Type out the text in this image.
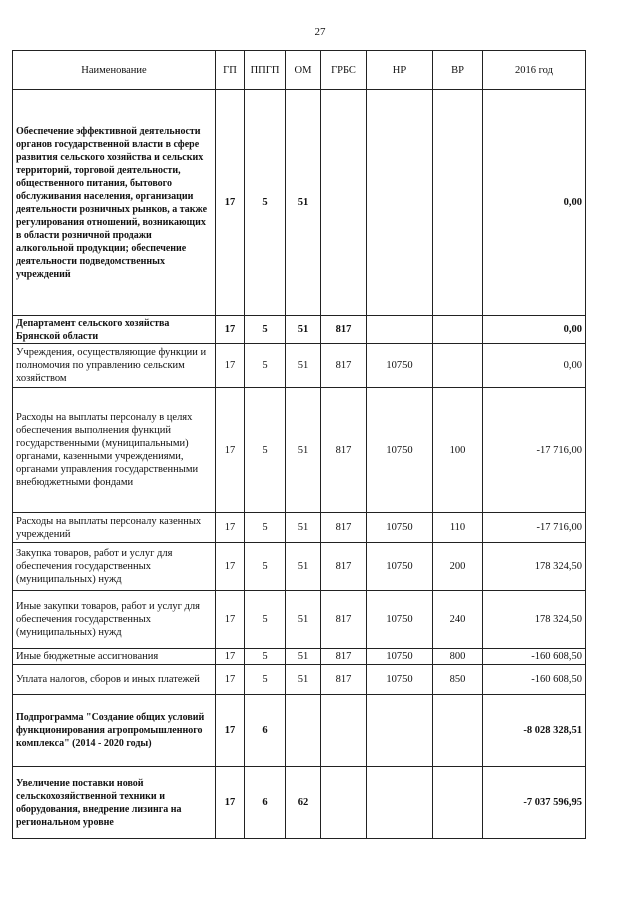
27
Наименование	ГП	ППГП	ОМ	ГРБС	НР	ВР	2016 год
Обеспечение эффективной деятельности органов государственной власти в сфере развития сельского хозяйства и сельских территорий, торговой деятельности, общественного питания, бытового обслуживания населения, организации деятельности розничных рынков, а также регулирования отношений, возникающих в области розничной продажи алкогольной продукции; обеспечение деятельности подведомственных учреждений	17	5	51				0,00
Департамент сельского хозяйства Брянской области	17	5	51	817			0,00
Учреждения, осуществляющие функции и полномочия по управлению сельским хозяйством	17	5	51	817	10750		0,00
Расходы на выплаты персоналу в целях обеспечения выполнения функций государственными (муниципальными) органами, казенными учреждениями, органами управления государственными внебюджетными фондами	17	5	51	817	10750	100	-17 716,00
Расходы на выплаты персоналу казенных учреждений	17	5	51	817	10750	110	-17 716,00
Закупка товаров, работ и услуг для обеспечения государственных (муниципальных) нужд	17	5	51	817	10750	200	178 324,50
Иные закупки товаров, работ и услуг для обеспечения государственных (муниципальных) нужд	17	5	51	817	10750	240	178 324,50
Иные бюджетные ассигнования	17	5	51	817	10750	800	-160 608,50
Уплата налогов, сборов и иных платежей	17	5	51	817	10750	850	-160 608,50
Подпрограмма "Создание общих условий функционирования агропромышленного комплекса" (2014 - 2020 годы)	17	6					-8 028 328,51
Увеличение поставки новой сельскохозяйственной техники и оборудования, внедрение лизинга на региональном уровне	17	6	62				-7 037 596,95
